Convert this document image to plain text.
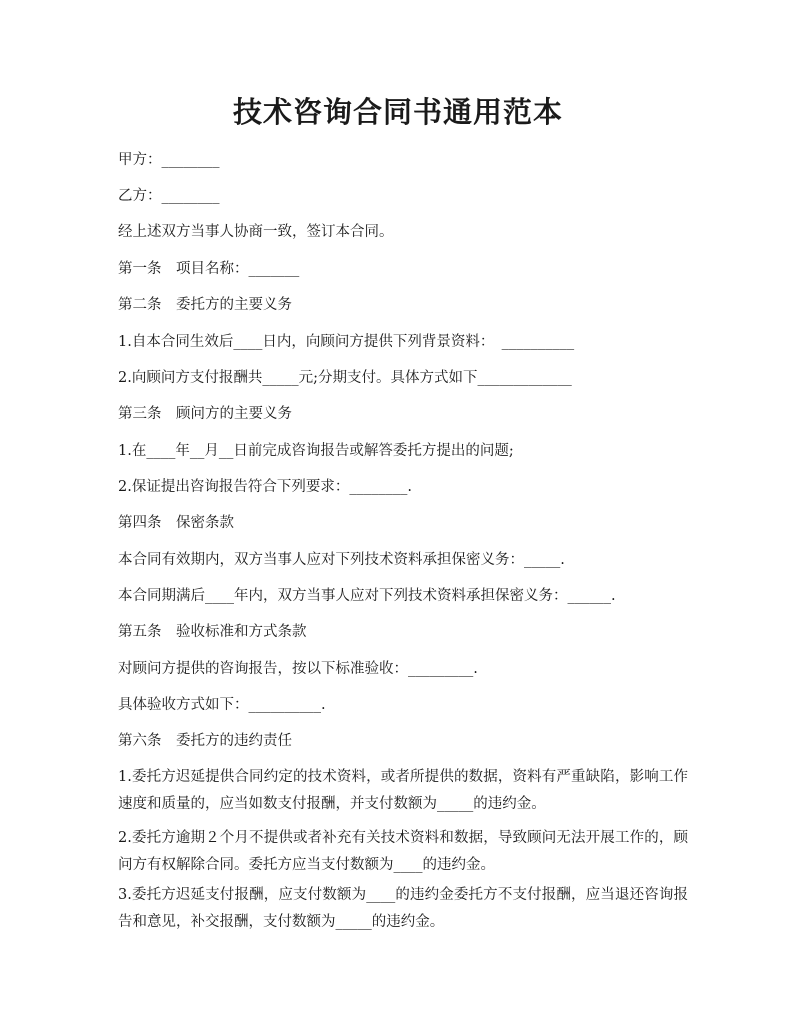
技术咨询合同书通用范本

甲方：________

乙方：________

经上述双方当事人协商一致，签订本合同。

第一条　项目名称：_______

第二条　委托方的主要义务

1.自本合同生效后____日内，向顾问方提供下列背景资料：　__________

2.向顾问方支付报酬共_____元;分期支付。具体方式如下_____________

第三条　顾问方的主要义务

1.在____年__月__日前完成咨询报告或解答委托方提出的问题;

2.保证提出咨询报告符合下列要求：________.

第四条　保密条款

本合同有效期内，双方当事人应对下列技术资料承担保密义务：_____.

本合同期满后____年内，双方当事人应对下列技术资料承担保密义务：______.

第五条　验收标准和方式条款

对顾问方提供的咨询报告，按以下标准验收：_________.

具体验收方式如下：__________.

第六条　委托方的违约责任

1.委托方迟延提供合同约定的技术资料，或者所提供的数据，资料有严重缺陷，影响工作速度和质量的，应当如数支付报酬，并支付数额为_____的违约金。

2.委托方逾期２个月不提供或者补充有关技术资料和数据，导致顾问无法开展工作的，顾问方有权解除合同。委托方应当支付数额为____的违约金。

3.委托方迟延支付报酬，应支付数额为____的违约金委托方不支付报酬，应当退还咨询报告和意见，补交报酬，支付数额为_____的违约金。
